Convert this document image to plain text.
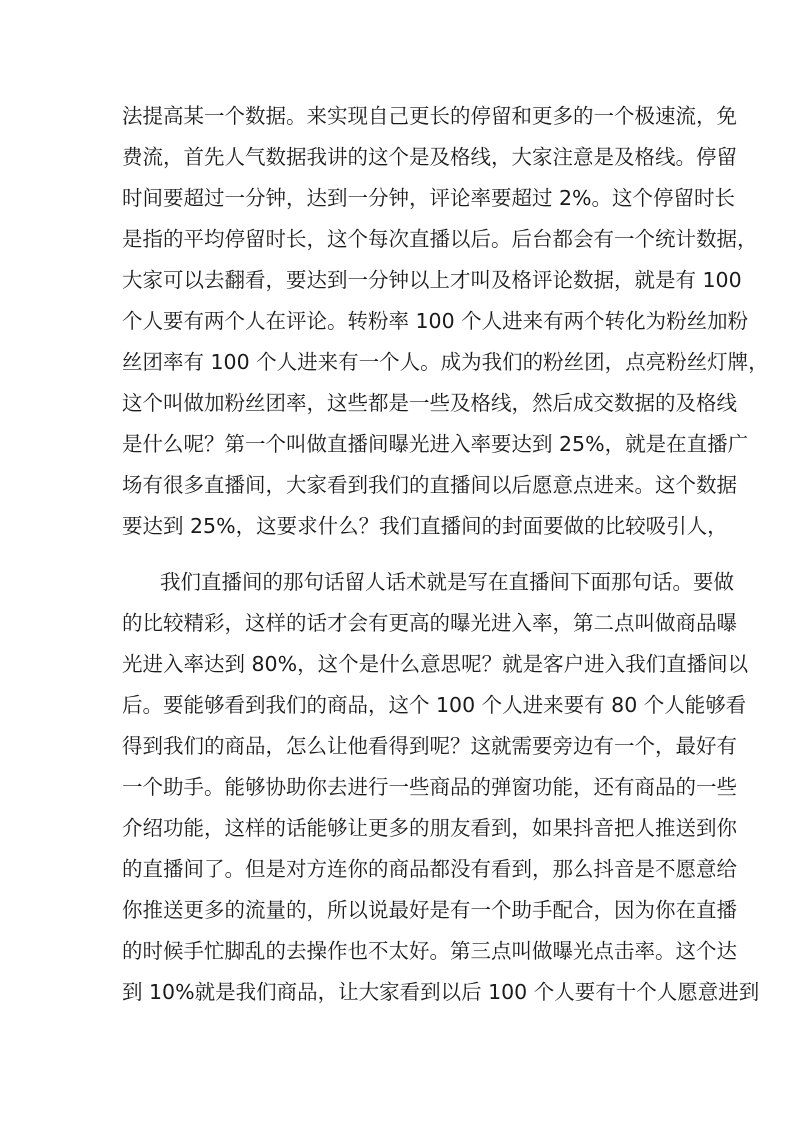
法提高某一个数据。来实现自己更长的停留和更多的一个极速流，免
费流，首先人气数据我讲的这个是及格线，大家注意是及格线。停留
时间要超过一分钟，达到一分钟，评论率要超过 2%。这个停留时长
是指的平均停留时长，这个每次直播以后。后台都会有一个统计数据，
大家可以去翻看，要达到一分钟以上才叫及格评论数据，就是有 100
个人要有两个人在评论。转粉率 100 个人进来有两个转化为粉丝加粉
丝团率有 100 个人进来有一个人。成为我们的粉丝团，点亮粉丝灯牌，
这个叫做加粉丝团率，这些都是一些及格线，然后成交数据的及格线
是什么呢？第一个叫做直播间曝光进入率要达到 25%，就是在直播广
场有很多直播间，大家看到我们的直播间以后愿意点进来。这个数据
要达到 25%，这要求什么？我们直播间的封面要做的比较吸引人，
我们直播间的那句话留人话术就是写在直播间下面那句话。要做
的比较精彩，这样的话才会有更高的曝光进入率，第二点叫做商品曝
光进入率达到 80%，这个是什么意思呢？就是客户进入我们直播间以
后。要能够看到我们的商品，这个 100 个人进来要有 80 个人能够看
得到我们的商品，怎么让他看得到呢？这就需要旁边有一个，最好有
一个助手。能够协助你去进行一些商品的弹窗功能，还有商品的一些
介绍功能，这样的话能够让更多的朋友看到，如果抖音把人推送到你
的直播间了。但是对方连你的商品都没有看到，那么抖音是不愿意给
你推送更多的流量的，所以说最好是有一个助手配合，因为你在直播
的时候手忙脚乱的去操作也不太好。第三点叫做曝光点击率。这个达
到 10%就是我们商品，让大家看到以后 100 个人要有十个人愿意进到
